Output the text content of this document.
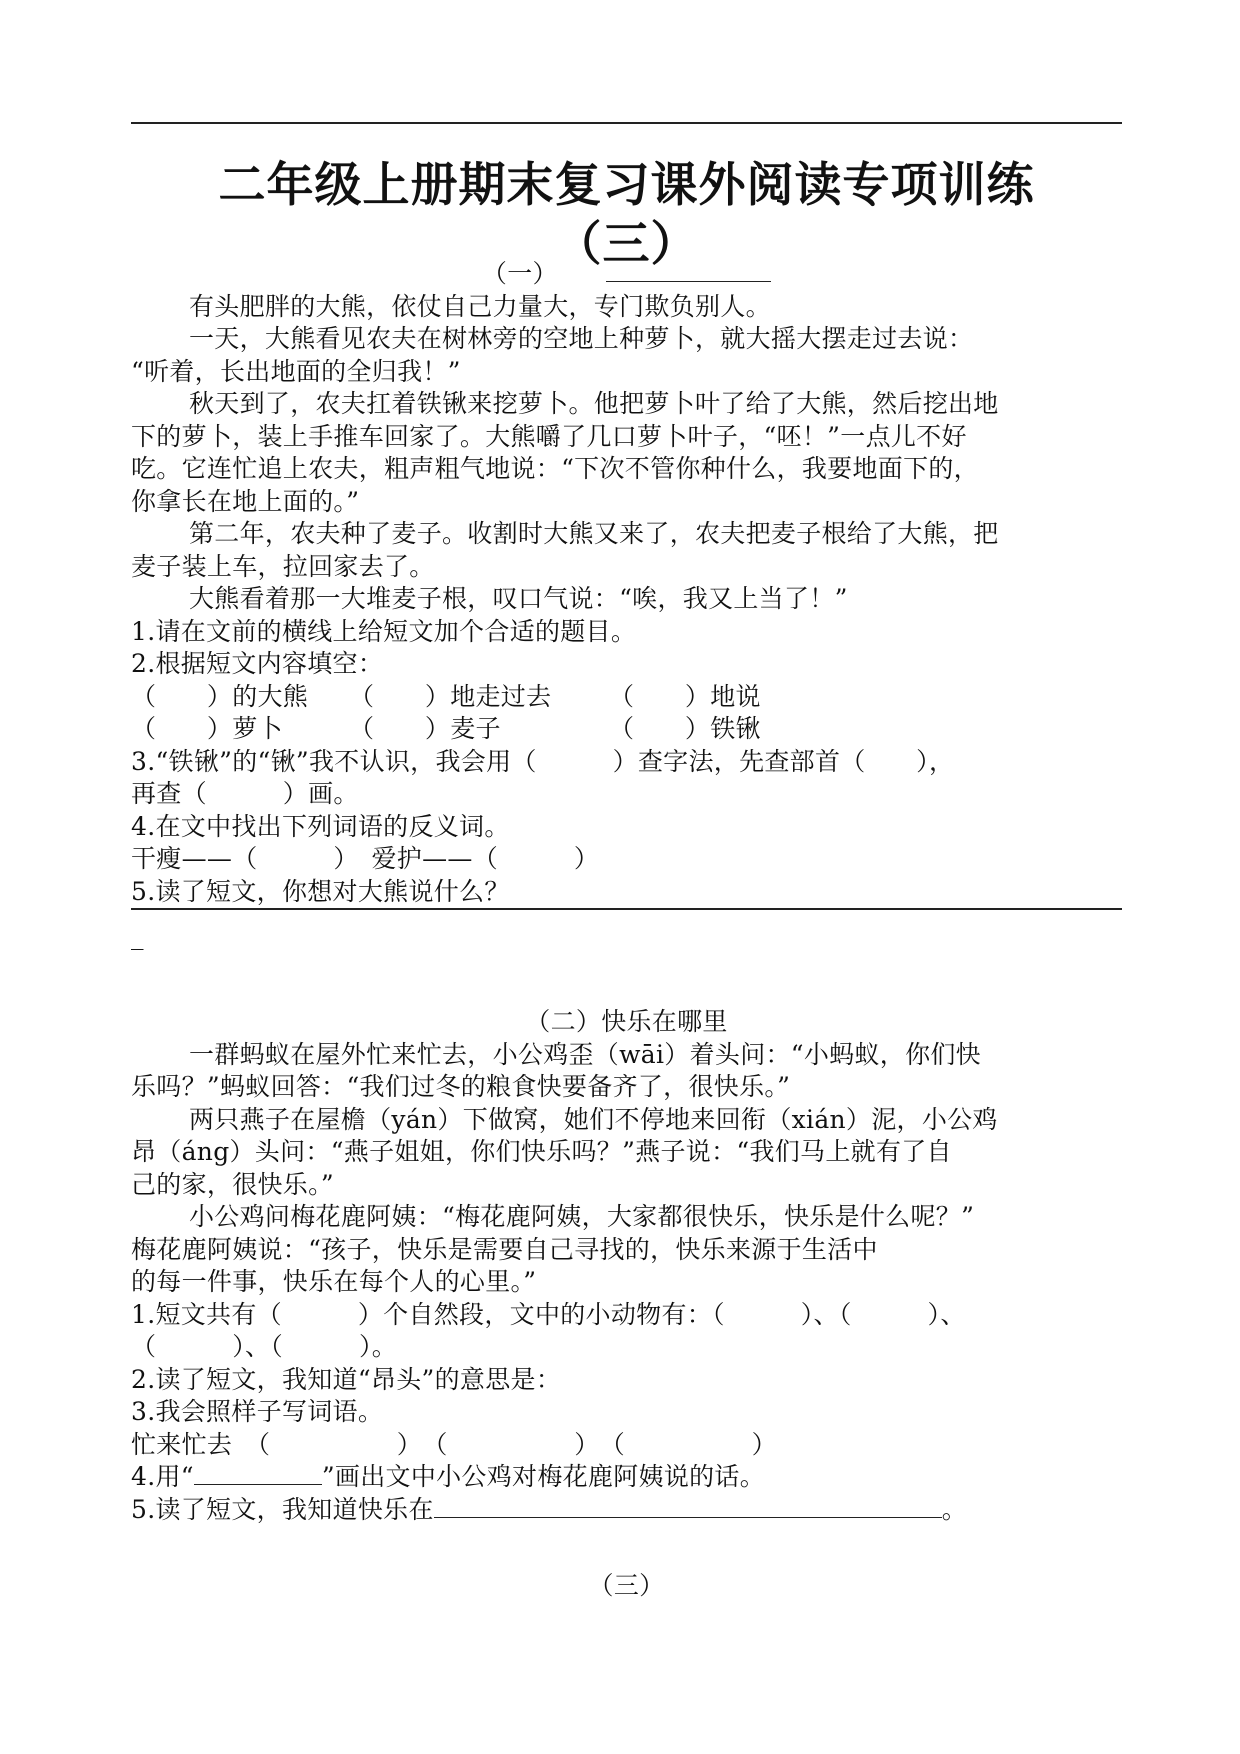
二年级上册期末复习课外阅读专项训练
（三）
（一）
有头肥胖的大熊，依仗自己力量大，专门欺负别人。
一天，大熊看见农夫在树林旁的空地上种萝卜，就大摇大摆走过去说：
“听着，长出地面的全归我！”
秋天到了，农夫扛着铁锹来挖萝卜。他把萝卜叶了给了大熊，然后挖出地
下的萝卜，装上手推车回家了。大熊嚼了几口萝卜叶子，“呸！”一点儿不好
吃。它连忙追上农夫，粗声粗气地说：“下次不管你种什么，我要地面下的，
你拿长在地上面的。”
第二年，农夫种了麦子。收割时大熊又来了，农夫把麦子根给了大熊，把
麦子装上车，拉回家去了。
大熊看着那一大堆麦子根，叹口气说：“唉，我又上当了！”
1.请在文前的横线上给短文加个合适的题目。
2.根据短文内容填空：
（　　）的大熊	（　　）地走过去	（　　）地说
（　　）萝卜	（　　）麦子	（　　）铁锹
3.“铁锹”的“锹”我不认识，我会用（　　　）查字法，先查部首（　　），
再查（　　　）画。
4.在文中找出下列词语的反义词。
干瘦——（　　　）　爱护——（　　　）
5.读了短文，你想对大熊说什么？
_
（二）快乐在哪里
一群蚂蚁在屋外忙来忙去，小公鸡歪（wāi）着头问：“小蚂蚁，你们快
乐吗？”蚂蚁回答：“我们过冬的粮食快要备齐了，很快乐。”
两只燕子在屋檐（yán）下做窝，她们不停地来回衔（xián）泥，小公鸡
昂（áng）头问：“燕子姐姐，你们快乐吗？”燕子说：“我们马上就有了自
己的家，很快乐。”
小公鸡问梅花鹿阿姨：“梅花鹿阿姨，大家都很快乐，快乐是什么呢？”
梅花鹿阿姨说：“孩子，快乐是需要自己寻找的，快乐来源于生活中
的每一件事，快乐在每个人的心里。”
1.短文共有（　　　）个自然段，文中的小动物有：（　　　）、（　　　）、
（　　　）、（　　　）。
2.读了短文，我知道“昂头”的意思是：
3.我会照样子写词语。
忙来忙去　（　　　　　）　（　　　　　）　（　　　　　）
4.用“	”画出文中小公鸡对梅花鹿阿姨说的话。
5.读了短文，我知道快乐在	。
（三）
